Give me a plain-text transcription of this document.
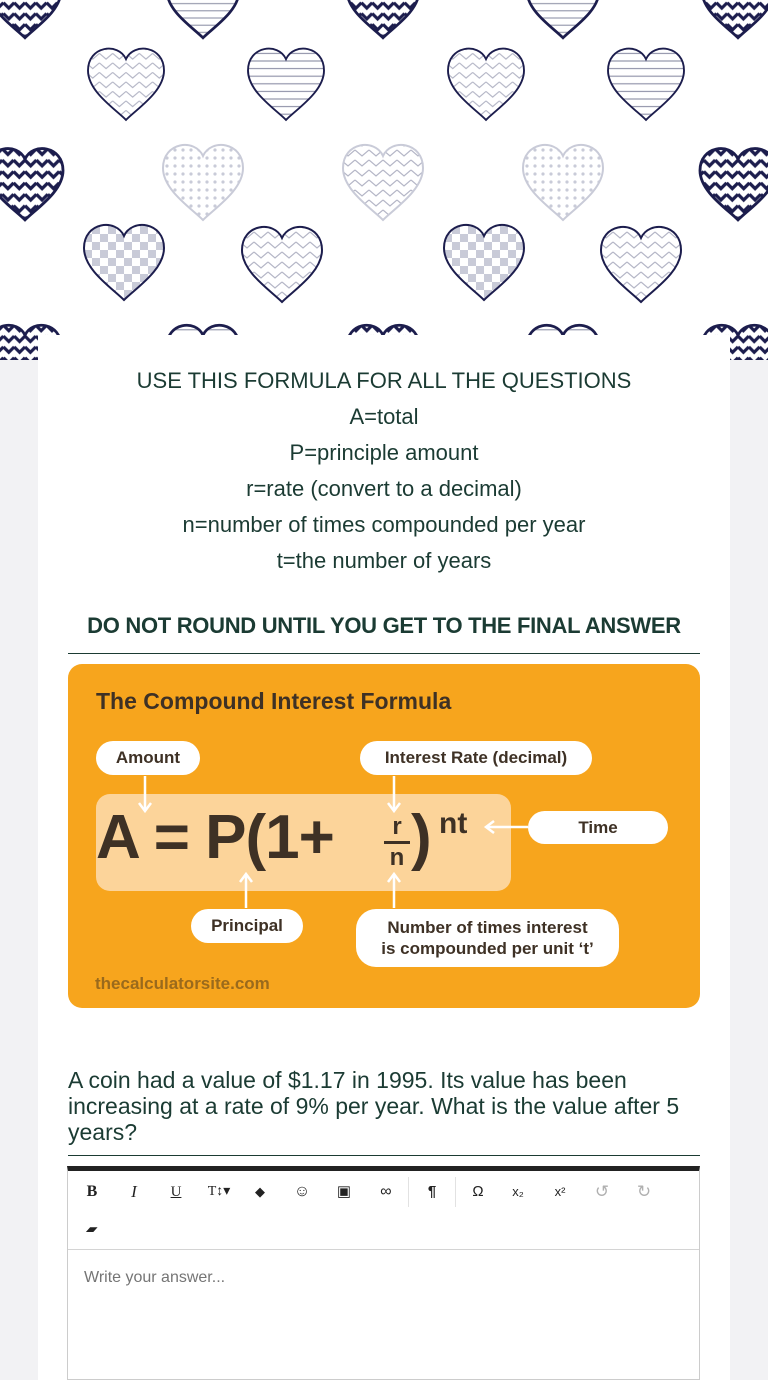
USE THIS FORMULA FOR ALL THE QUESTIONS
A=total
P=principle amount
r=rate (convert to a decimal)
n=number of times compounded per year
t=the number of years
DO NOT ROUND UNTIL YOU GET TO THE FINAL ANSWER
The Compound Interest Formula
Amount	Interest Rate (decimal)
Time
Principal	Number of times interest
is compounded per unit ‘t’
A = P(1+	r
n ) nt
thecalculatorsite.com
A coin had a value of $1.17 in 1995. Its value has been increasing at a rate of 9% per year. What is the value after 5 years?
B	I	U	T↕▾	◆	☺	▣	∞	¶	Ω	x₂	x²	↺	↻
▰
Write your answer...
